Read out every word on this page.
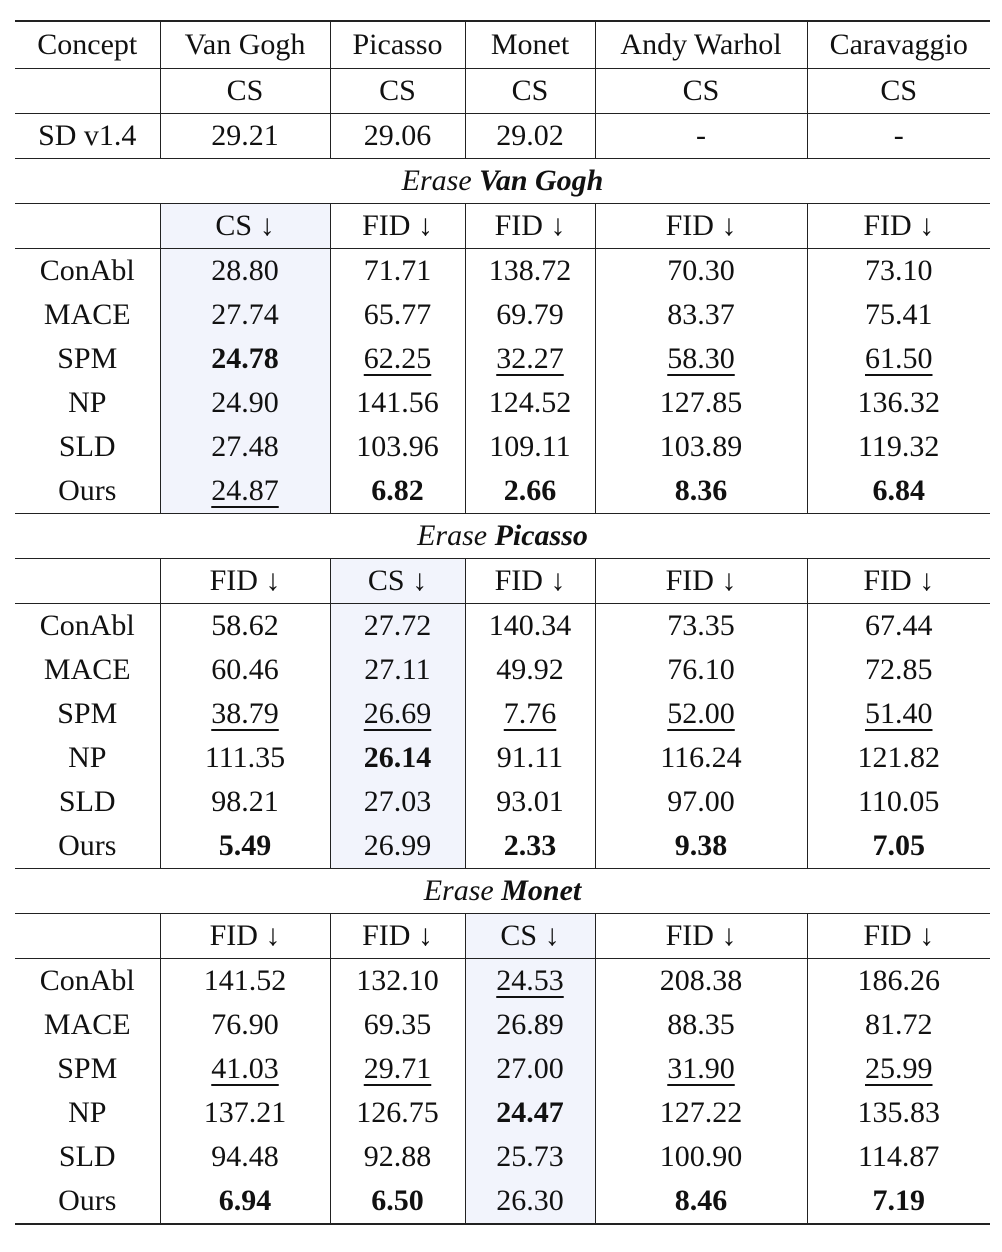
Concept	Van Gogh	Picasso	Monet	Andy Warhol	Caravaggio
	CS	CS	CS	CS	CS
SD v1.4	29.21	29.06	29.02	-	-
Erase Van Gogh					
	CS ↓	FID ↓	FID ↓	FID ↓	FID ↓
ConAbl	28.80	71.71	138.72	70.30	73.10
MACE	27.74	65.77	69.79	83.37	75.41
SPM	24.78	62.25	32.27	58.30	61.50
NP	24.90	141.56	124.52	127.85	136.32
SLD	27.48	103.96	109.11	103.89	119.32
Ours	24.87	6.82	2.66	8.36	6.84
Erase Picasso					
	FID ↓	CS ↓	FID ↓	FID ↓	FID ↓
ConAbl	58.62	27.72	140.34	73.35	67.44
MACE	60.46	27.11	49.92	76.10	72.85
SPM	38.79	26.69	7.76	52.00	51.40
NP	111.35	26.14	91.11	116.24	121.82
SLD	98.21	27.03	93.01	97.00	110.05
Ours	5.49	26.99	2.33	9.38	7.05
Erase Monet					
	FID ↓	FID ↓	CS ↓	FID ↓	FID ↓
ConAbl	141.52	132.10	24.53	208.38	186.26
MACE	76.90	69.35	26.89	88.35	81.72
SPM	41.03	29.71	27.00	31.90	25.99
NP	137.21	126.75	24.47	127.22	135.83
SLD	94.48	92.88	25.73	100.90	114.87
Ours	6.94	6.50	26.30	8.46	7.19
